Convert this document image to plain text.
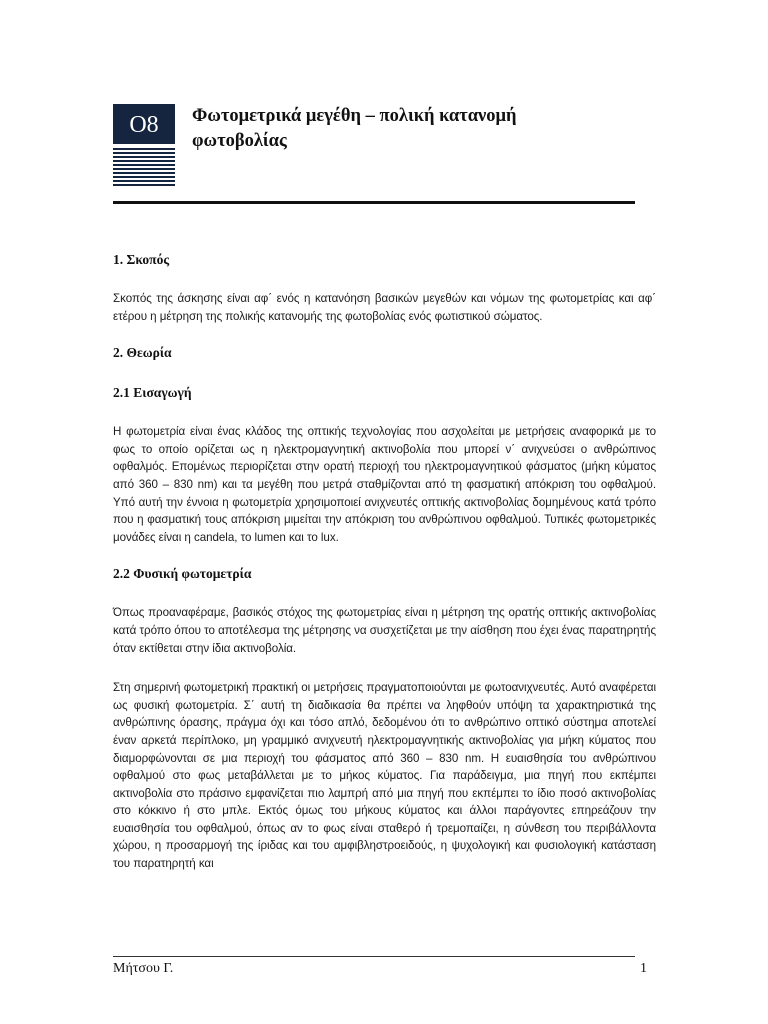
O8	Φωτομετρικά μεγέθη – πολική κατανομή
φωτοβολίας
1. Σκοπός

Σκοπός της άσκησης είναι αφ΄ ενός η κατανόηση βασικών μεγεθών και νόμων της φωτομετρίας και αφ΄ ετέρου η μέτρηση της πολικής κατανομής της φωτοβολίας ενός φωτιστικού σώματος.

2. Θεωρία
2.1 Εισαγωγή

Η φωτομετρία είναι ένας κλάδος της οπτικής τεχνολογίας που ασχολείται με μετρήσεις αναφορικά με το φως το οποίο ορίζεται ως η ηλεκτρομαγνητική ακτινοβολία που μπορεί ν΄ ανιχνεύσει ο ανθρώπινος οφθαλμός. Επομένως περιορίζεται στην ορατή περιοχή του ηλεκτρομαγνητικού φάσματος (μήκη κύματος από 360 – 830 nm) και τα μεγέθη που μετρά σταθμίζονται από τη φασματική απόκριση του οφθαλμού. Υπό αυτή την έννοια η φωτομετρία χρησιμοποιεί ανιχνευτές οπτικής ακτινοβολίας δομημένους κατά τρόπο που η φασματική τους απόκριση μιμείται την απόκριση του ανθρώπινου οφθαλμού. Τυπικές φωτομετρικές μονάδες είναι η candela, το lumen και το lux.

2.2 Φυσική φωτομετρία

Όπως προαναφέραμε, βασικός στόχος της φωτομετρίας είναι η μέτρηση της ορατής οπτικής ακτινοβολίας κατά τρόπο όπου το αποτέλεσμα της μέτρησης να συσχετίζεται με την αίσθηση που έχει ένας παρατηρητής όταν εκτίθεται στην ίδια ακτινοβολία.

Στη σημερινή φωτομετρική πρακτική οι μετρήσεις πραγματοποιούνται με φωτοανιχνευτές. Αυτό αναφέρεται ως φυσική φωτομετρία. Σ΄ αυτή τη διαδικασία θα πρέπει να ληφθούν υπόψη τα χαρακτηριστικά της ανθρώπινης όρασης, πράγμα όχι και τόσο απλό, δεδομένου ότι το ανθρώπινο οπτικό σύστημα αποτελεί έναν αρκετά περίπλοκο, μη γραμμικό ανιχνευτή ηλεκτρομαγνητικής ακτινοβολίας για μήκη κύματος που διαμορφώνονται σε μια περιοχή του φάσματος από 360 – 830 nm. Η ευαισθησία του ανθρώπινου οφθαλμού στο φως μεταβάλλεται με το μήκος κύματος. Για παράδειγμα, μια πηγή που εκπέμπει ακτινοβολία στο πράσινο εμφανίζεται πιο λαμπρή από μια πηγή που εκπέμπει το ίδιο ποσό ακτινοβολίας στο κόκκινο ή στο μπλε. Εκτός όμως του μήκους κύματος και άλλοι παράγοντες επηρεάζουν την ευαισθησία του οφθαλμού, όπως αν το φως είναι σταθερό ή τρεμοπαίζει, η σύνθεση του περιβάλλοντα χώρου, η προσαρμογή της ίριδας και του αμφιβληστροειδούς, η ψυχολογική και φυσιολογική κατάσταση του παρατηρητή και

Μήτσου Γ.	1
